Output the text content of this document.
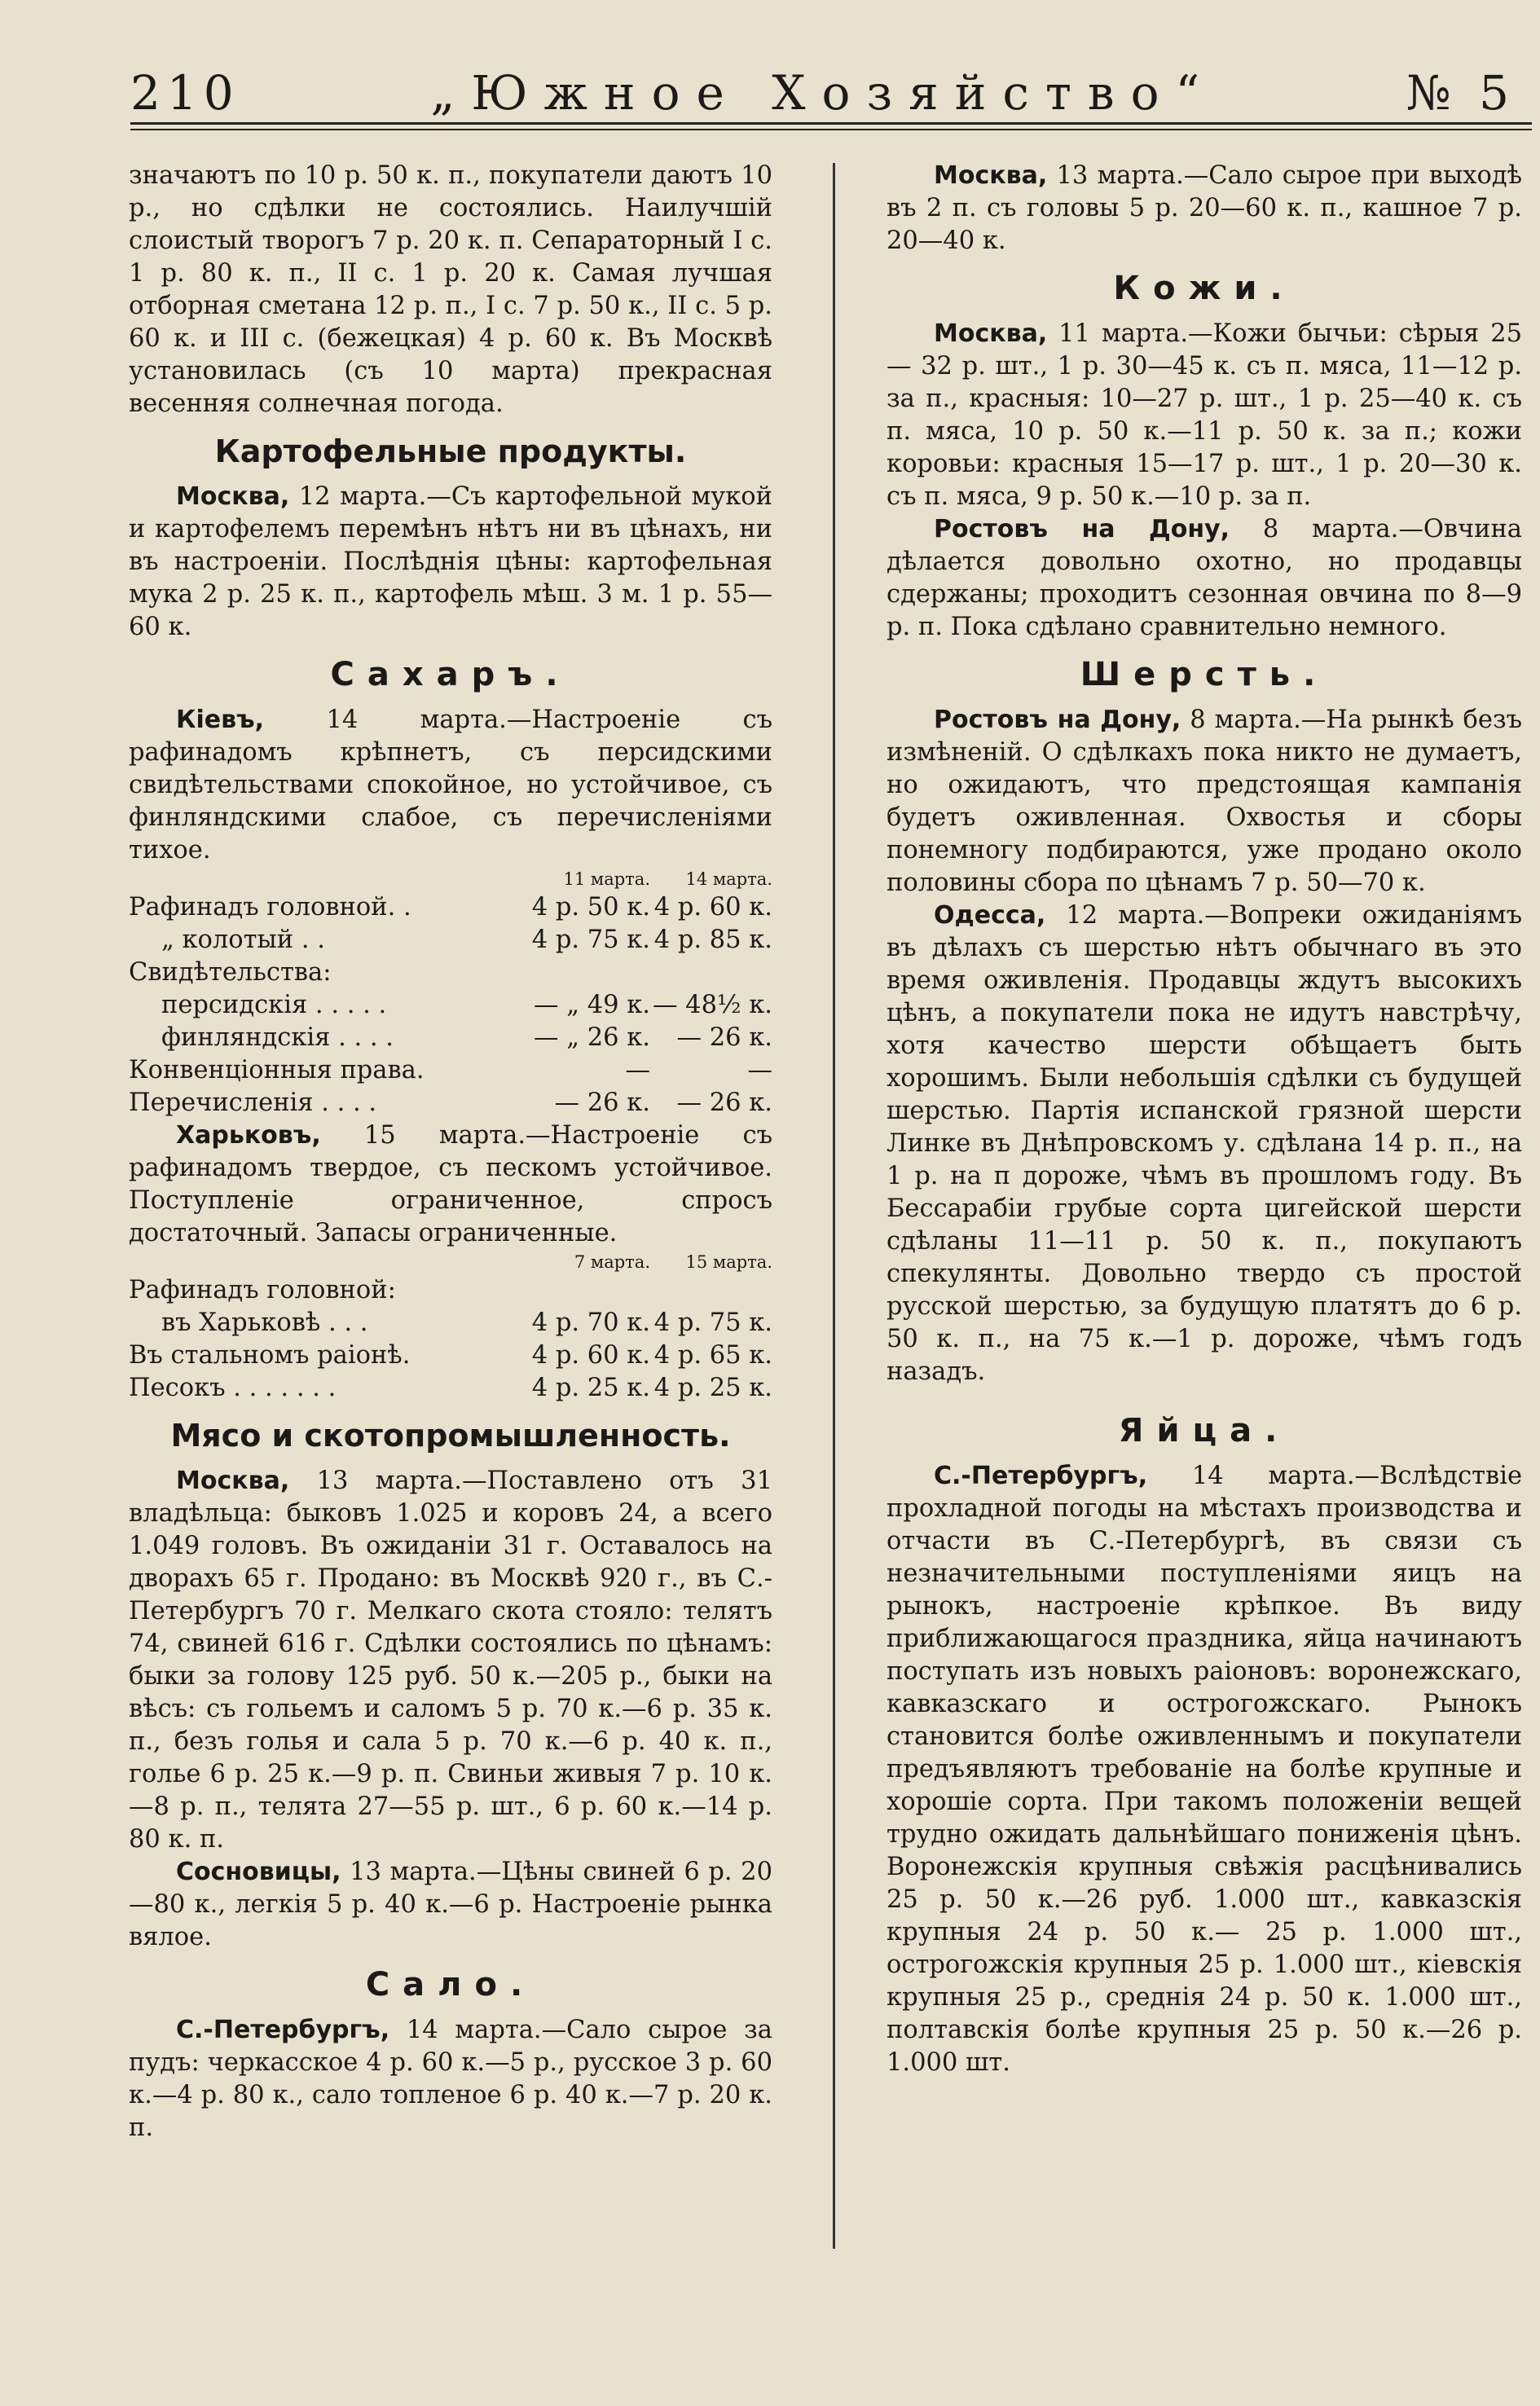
210	„Южное Хозяйство“	№ 5

значаютъ по 10 р. 50 к. п., покупатели даютъ 10 р., но сдѣлки не состоялись. Наилучшій слоистый творогъ 7 р. 20 к. п. Сепараторный I с. 1 р. 80 к. п., II с. 1 р. 20 к. Самая лучшая отборная сметана 12 р. п., I с. 7 р. 50 к., II с. 5 р. 60 к. и III с. (бежецкая) 4 р. 60 к. Въ Москвѣ установилась (съ 10 марта) прекрасная весенняя солнечная погода.

Картофельные продукты.

Москва, 12 марта.—Съ картофельной мукой и картофелемъ перемѣнъ нѣтъ ни въ цѣнахъ, ни въ настроеніи. Послѣднія цѣны: картофельная мука 2 р. 25 к. п., картофель мѣш. 3 м. 1 р. 55—60 к.

Сахаръ.

Кіевъ, 14 марта.—Настроеніе съ рафинадомъ крѣпнетъ, съ персидскими свидѣтельствами спокойное, но устойчивое, съ финляндскими слабое, съ перечисленіями тихое.

	11 марта.	14 марта.
Рафинадъ головной. .	4 р. 50 к.	4 р. 60 к.
„ колотый . .	4 р. 75 к.	4 р. 85 к.
Свидѣтельства:		
персидскія . . . . .	— „ 49 к.	— 48½ к.
финляндскія . . . .	— „ 26 к.	— 26 к.
Конвенціонныя права.	—	—
Перечисленія . . . .	— 26 к.	— 26 к.

Харьковъ, 15 марта.—Настроеніе съ рафинадомъ твердое, съ пескомъ устойчивое. Поступленіе ограниченное, спросъ достаточный. Запасы ограниченные.

	7 марта.	15 марта.
Рафинадъ головной:		
въ Харьковѣ . . .	4 р. 70 к.	4 р. 75 к.
Въ стальномъ раіонѣ.	4 р. 60 к.	4 р. 65 к.
Песокъ . . . . . . .	4 р. 25 к.	4 р. 25 к.
Мясо и скотопромышленность.

Москва, 13 марта.—Поставлено отъ 31 владѣльца: быковъ 1.025 и коровъ 24, а всего 1.049 головъ. Въ ожиданіи 31 г. Оставалось на дворахъ 65 г. Продано: въ Москвѣ 920 г., въ С.-Петербургъ 70 г. Мелкаго скота стояло: телятъ 74, свиней 616 г. Сдѣлки состоялись по цѣнамъ: быки за голову 125 руб. 50 к.—205 р., быки на вѣсъ: съ гольемъ и саломъ 5 р. 70 к.—6 р. 35 к. п., безъ голья и сала 5 р. 70 к.—6 р. 40 к. п., голье 6 р. 25 к.—9 р. п. Свиньи живыя 7 р. 10 к.—8 р. п., телята 27—55 р. шт., 6 р. 60 к.—14 р. 80 к. п.

Сосновицы, 13 марта.—Цѣны свиней 6 р. 20—80 к., легкія 5 р. 40 к.—6 р. Настроеніе рынка вялое.

Сало.

С.-Петербургъ, 14 марта.—Сало сырое за пудъ: черкасское 4 р. 60 к.—5 р., русское 3 р. 60 к.—4 р. 80 к., сало топленое 6 р. 40 к.—7 р. 20 к. п.

Москва, 13 марта.—Сало сырое при выходѣ въ 2 п. съ головы 5 р. 20—60 к. п., кашное 7 р. 20—40 к.

Кожи.

Москва, 11 марта.—Кожи бычьи: сѣрыя 25— 32 р. шт., 1 р. 30—45 к. съ п. мяса, 11—12 р. за п., красныя: 10—27 р. шт., 1 р. 25—40 к. съ п. мяса, 10 р. 50 к.—11 р. 50 к. за п.; кожи коровьи: красныя 15—17 р. шт., 1 р. 20—30 к. съ п. мяса, 9 р. 50 к.—10 р. за п.

Ростовъ на Дону, 8 марта.—Овчина дѣлается довольно охотно, но продавцы сдержаны; проходитъ сезонная овчина по 8—9 р. п. Пока сдѣлано сравнительно немного.

Шерсть.

Ростовъ на Дону, 8 марта.—На рынкѣ безъ измѣненій. О сдѣлкахъ пока никто не думаетъ, но ожидаютъ, что предстоящая кампанія будетъ оживленная. Охвостья и сборы понемногу подбираются, уже продано около половины сбора по цѣнамъ 7 р. 50—70 к.

Одесса, 12 марта.—Вопреки ожиданіямъ въ дѣлахъ съ шерстью нѣтъ обычнаго въ это время оживленія. Продавцы ждутъ высокихъ цѣнъ, а покупатели пока не идутъ навстрѣчу, хотя качество шерсти обѣщаетъ быть хорошимъ. Были небольшія сдѣлки съ будущей шерстью. Партія испанской грязной шерсти Линке въ Днѣпровскомъ у. сдѣлана 14 р. п., на 1 р. на п дороже, чѣмъ въ прошломъ году. Въ Бессарабіи грубые сорта цигейской шерсти сдѣланы 11—11 р. 50 к. п., покупаютъ спекулянты. Довольно твердо съ простой русской шерстью, за будущую платятъ до 6 р. 50 к. п., на 75 к.—1 р. дороже, чѣмъ годъ назадъ.

Яйца.

С.-Петербургъ, 14 марта.—Вслѣдствіе прохладной погоды на мѣстахъ производства и отчасти въ С.-Петербургѣ, въ связи съ незначительными поступленіями яицъ на рынокъ, настроеніе крѣпкое. Въ виду приближающагося праздника, яйца начинаютъ поступать изъ новыхъ раіоновъ: воронежскаго, кавказскаго и острогожскаго. Рынокъ становится болѣе оживленнымъ и покупатели предъявляютъ требованіе на болѣе крупные и хорошіе сорта. При такомъ положеніи вещей трудно ожидать дальнѣйшаго пониженія цѣнъ. Воронежскія крупныя свѣжія расцѣнивались 25 р. 50 к.—26 руб. 1.000 шт., кавказскія крупныя 24 р. 50 к.— 25 р. 1.000 шт., острогожскія крупныя 25 р. 1.000 шт., кіевскія крупныя 25 р., среднія 24 р. 50 к. 1.000 шт., полтавскія болѣе крупныя 25 р. 50 к.—26 р. 1.000 шт.
